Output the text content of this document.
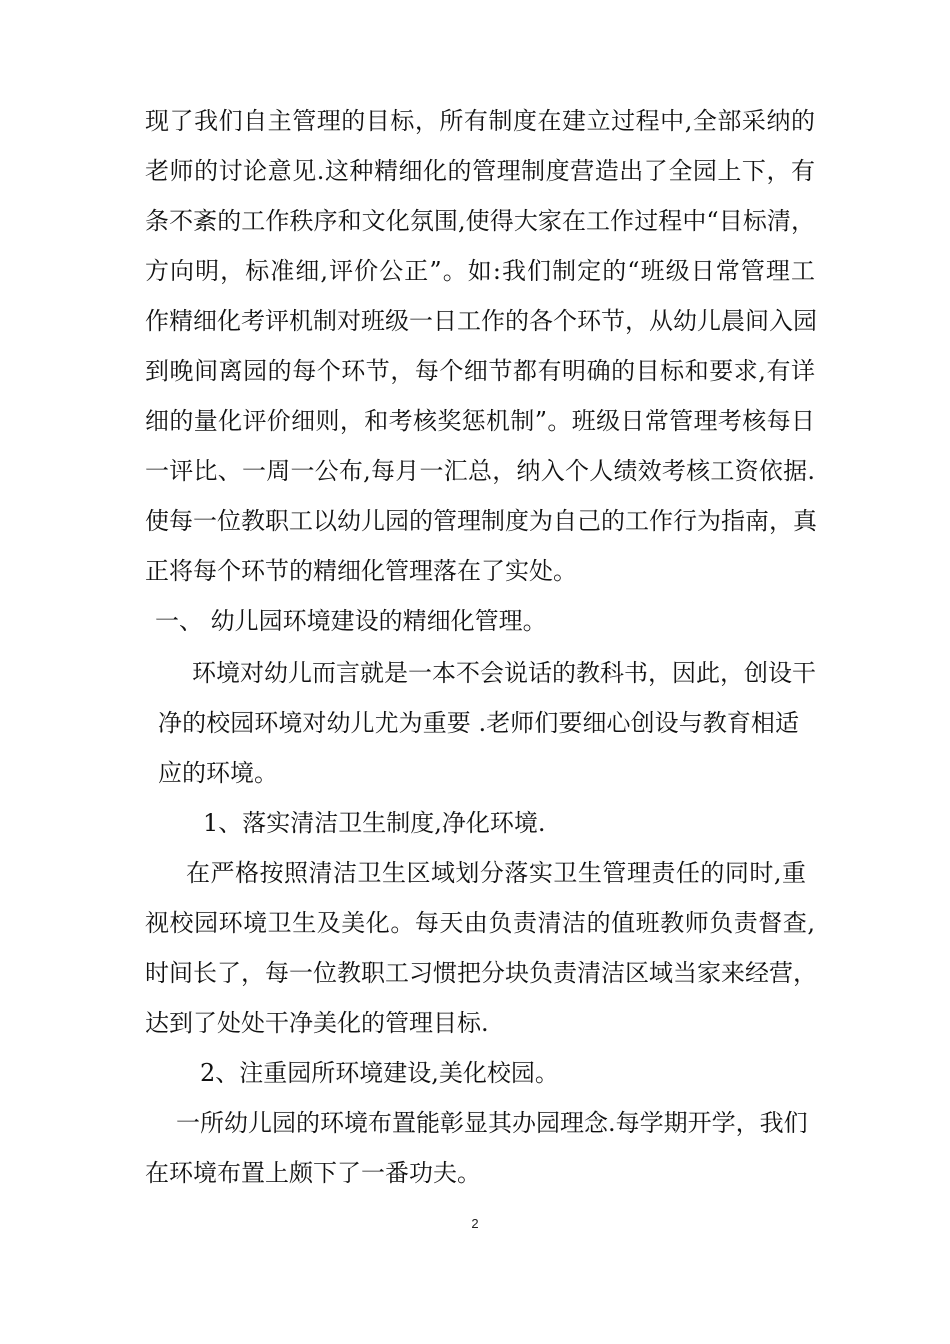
现了我们自主管理的目标，所有制度在建立过程中,全部采纳的
老师的讨论意见.这种精细化的管理制度营造出了全园上下，有
条不紊的工作秩序和文化氛围,使得大家在工作过程中“目标清，
方向明，标准细,评价公正”。如:我们制定的“班级日常管理工
作精细化考评机制对班级一日工作的各个环节，从幼儿晨间入园
到晚间离园的每个环节，每个细节都有明确的目标和要求,有详
细的量化评价细则，和考核奖惩机制”。班级日常管理考核每日
一评比、一周一公布,每月一汇总，纳入个人绩效考核工资依据.
使每一位教职工以幼儿园的管理制度为自己的工作行为指南，真
正将每个环节的精细化管理落在了实处。
一、 幼儿园环境建设的精细化管理。
环境对幼儿而言就是一本不会说话的教科书，因此，创设干
净的校园环境对幼儿尤为重要 .老师们要细心创设与教育相适
应的环境。
1、落实清洁卫生制度,净化环境.
在严格按照清洁卫生区域划分落实卫生管理责任的同时,重
视校园环境卫生及美化。每天由负责清洁的值班教师负责督查,
时间长了，每一位教职工习惯把分块负责清洁区域当家来经营，
达到了处处干净美化的管理目标.
2、注重园所环境建设,美化校园。
一所幼儿园的环境布置能彰显其办园理念.每学期开学，我们
在环境布置上颇下了一番功夫。
2
